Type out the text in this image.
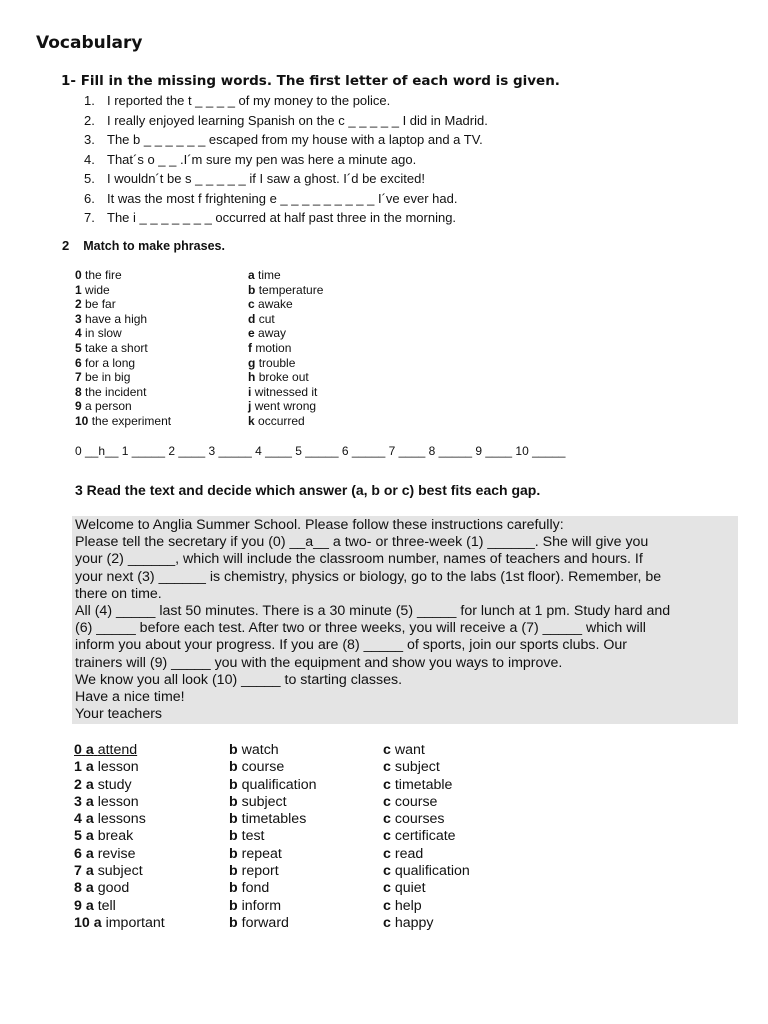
Vocabulary
1- Fill in the missing words. The first letter of each word is given.
1. I reported the t _ _ _ _ of my money to the police.
2. I really enjoyed learning Spanish on the c _ _ _ _ _ I did in Madrid.
3. The b _ _ _ _ _ _ escaped from my house with a laptop and a TV.
4. That´s o _ _ .I´m sure my pen was here a minute ago.
5. I wouldn´t be s _ _ _ _ _ if I saw a ghost. I´d be excited!
6. It was the most f frightening e _ _ _ _ _ _ _ _ _ I´ve ever had.
7. The i _ _ _ _ _ _ _ occurred at half past three in the morning.
2 Match to make phrases.
0 the fire
1 wide
2 be far
3 have a high
4 in slow
5 take a short
6 for a long
7 be in big
8 the incident
9 a person
10 the experiment
a time
b temperature
c awake
d cut
e away
f motion
g trouble
h broke out
i witnessed it
j went wrong
k occurred
0 __h__ 1 _____ 2 ____ 3 _____ 4 ____ 5 _____ 6 _____ 7 ____ 8 _____ 9 ____ 10 _____
3 Read the text and decide which answer (a, b or c) best fits each gap.
Welcome to Anglia Summer School. Please follow these instructions carefully:
Please tell the secretary if you (0) __a__ a two- or three-week (1) ______. She will give you
your (2) ______, which will include the classroom number, names of teachers and hours. If
your next (3) ______ is chemistry, physics or biology, go to the labs (1st floor). Remember, be
there on time.
All (4) _____ last 50 minutes. There is a 30 minute (5) _____ for lunch at 1 pm. Study hard and
(6) _____ before each test. After two or three weeks, you will receive a (7) _____ which will
inform you about your progress. If you are (8) _____ of sports, join our sports clubs. Our
trainers will (9) _____ you with the equipment and show you ways to improve.
We know you all look (10) _____ to starting classes.
Have a nice time!
Your teachers
0 a attend
1 a lesson
2 a study
3 a lesson
4 a lessons
5 a break
6 a revise
7 a subject
8 a good
9 a tell
10 a important
b watch
b course
b qualification
b subject
b timetables
b test
b repeat
b report
b fond
b inform
b forward
c want
c subject
c timetable
c course
c courses
c certificate
c read
c qualification
c quiet
c help
c happy
